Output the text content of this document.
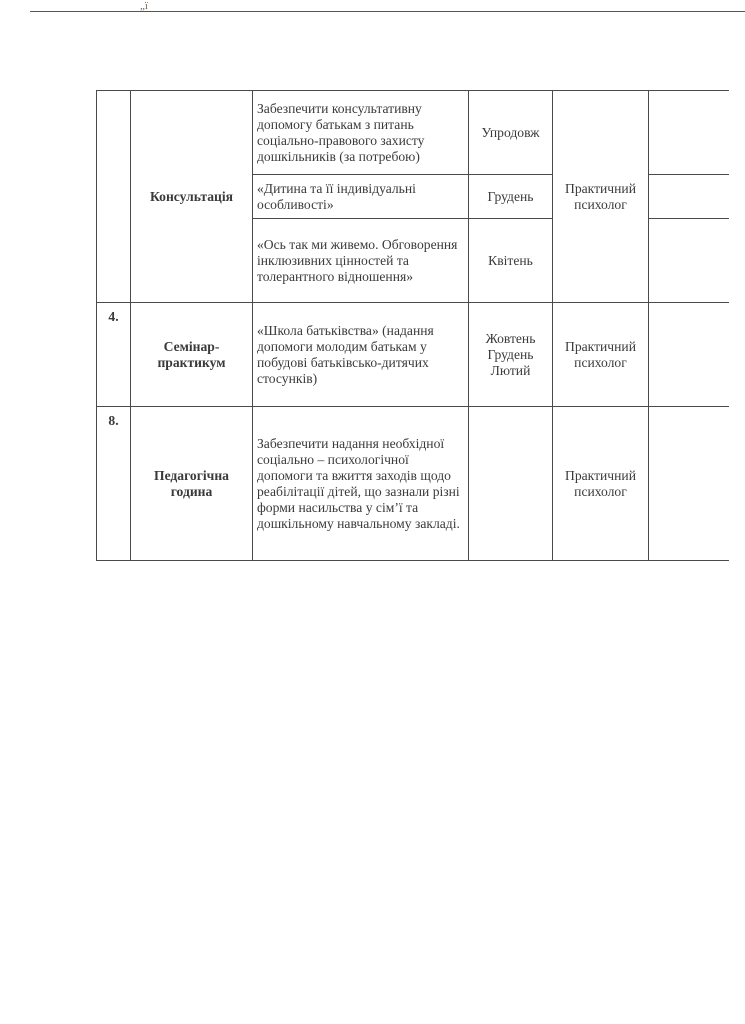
„ї
	Консультація	Забезпечити консультативну допомогу батькам з питань соціально-правового захисту дошкільників (за потребою)	Упродовж	Практичний психолог	
		«Дитина та її індивідуальні особливості»	Грудень		
		«Ось так ми живемо. Обговорення інклюзивних цінностей та толерантного відношення»	Квітень		
4.	Семінар-практикум	«Школа батьківства» (надання допомоги молодим батькам у побудові батьківсько-дитячих стосунків)	Жовтень Грудень Лютий	Практичний психолог	
8.	Педагогічна година	Забезпечити надання необхідної соціально – психологічної допомоги та вжиття заходів щодо реабілітації дітей, що зазнали різні форми насильства у сім’ї та дошкільному навчальному закладі.		Практичний психолог	
